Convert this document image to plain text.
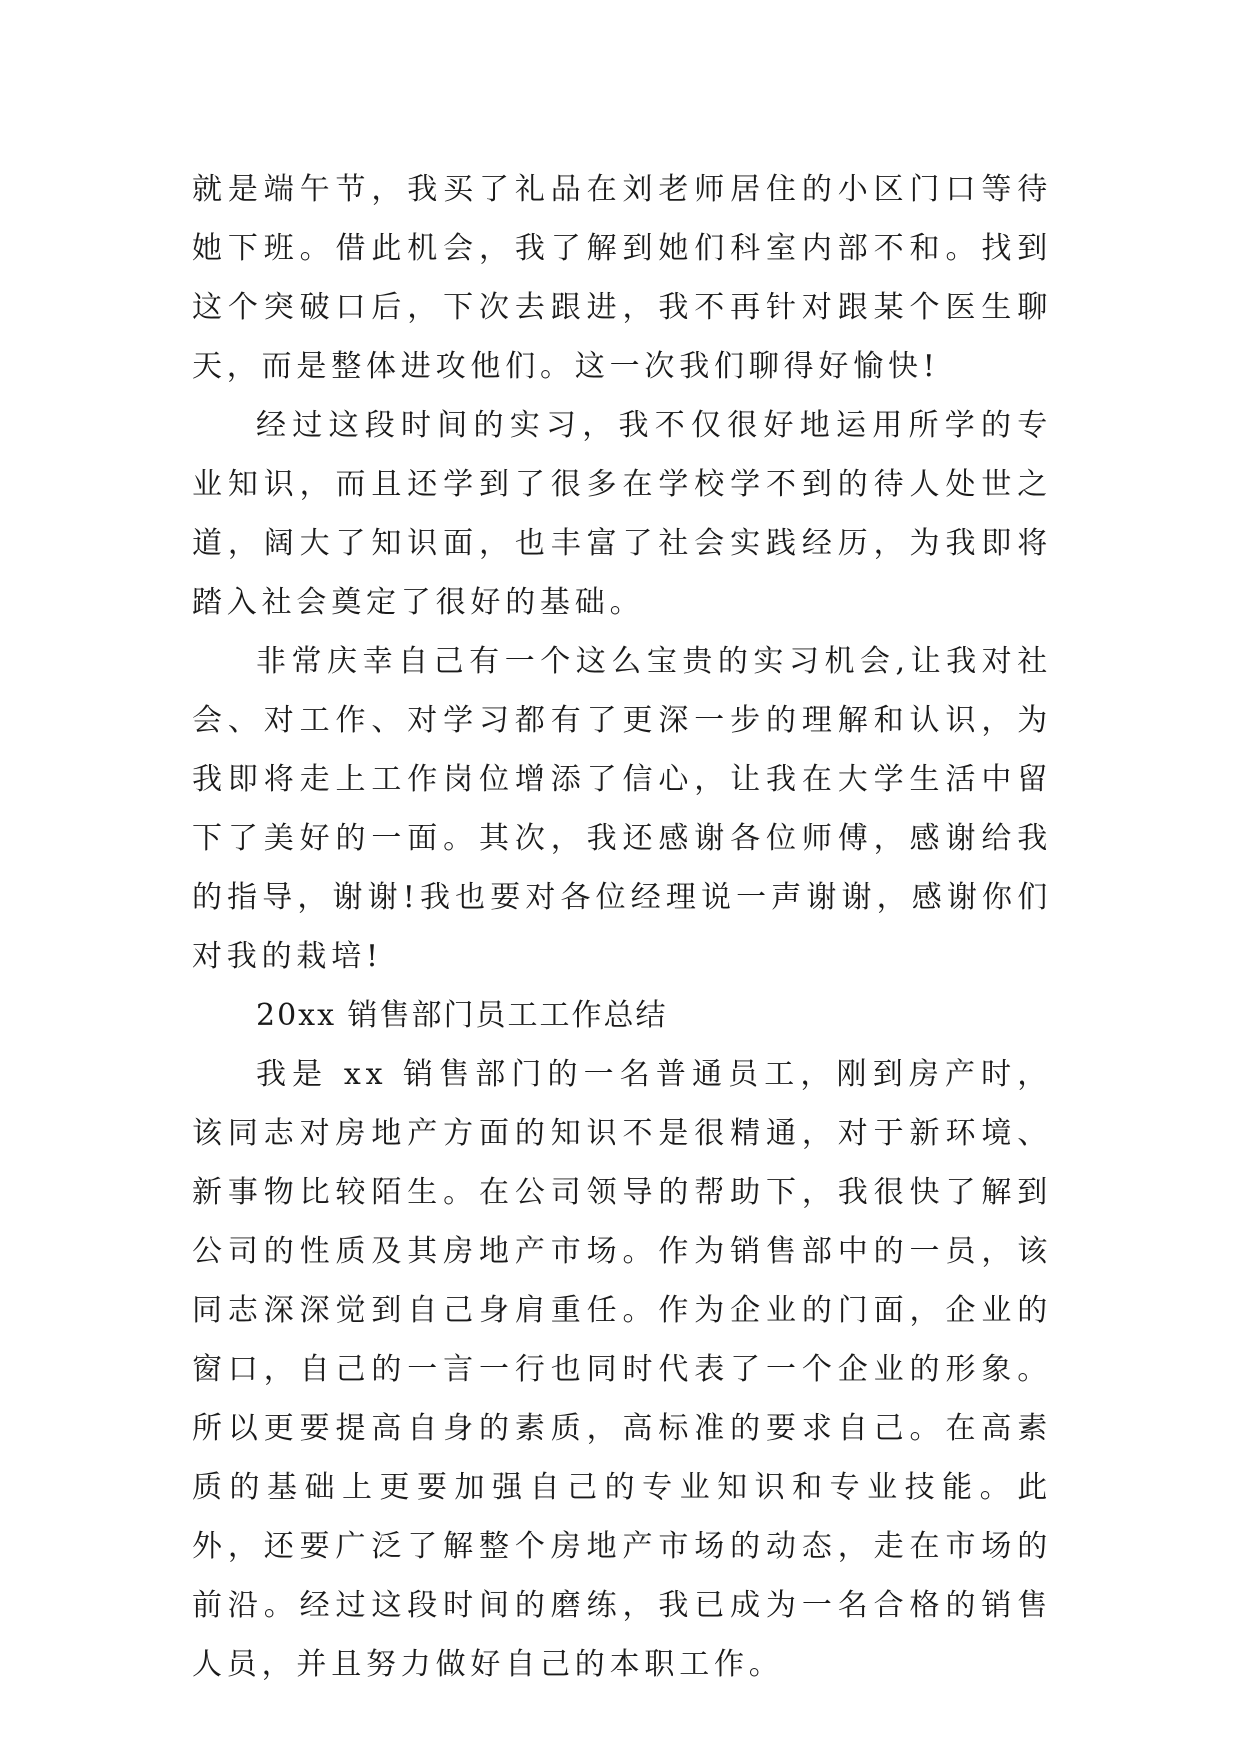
就是端午节，我买了礼品在刘老师居住的小区门口等待她下班。借此机会，我了解到她们科室内部不和。找到这个突破口后，下次去跟进，我不再针对跟某个医生聊天，而是整体进攻他们。这一次我们聊得好愉快!

经过这段时间的实习，我不仅很好地运用所学的专业知识，而且还学到了很多在学校学不到的待人处世之道，阔大了知识面，也丰富了社会实践经历，为我即将踏入社会奠定了很好的基础。

非常庆幸自己有一个这么宝贵的实习机会,让我对社会、对工作、对学习都有了更深一步的理解和认识，为我即将走上工作岗位增添了信心，让我在大学生活中留下了美好的一面。其次，我还感谢各位师傅，感谢给我的指导，谢谢!我也要对各位经理说一声谢谢，感谢你们对我的栽培!

20xx 销售部门员工工作总结

我是 xx 销售部门的一名普通员工，刚到房产时，该同志对房地产方面的知识不是很精通，对于新环境、新事物比较陌生。在公司领导的帮助下，我很快了解到公司的性质及其房地产市场。作为销售部中的一员，该同志深深觉到自己身肩重任。作为企业的门面，企业的窗口，自己的一言一行也同时代表了一个企业的形象。所以更要提高自身的素质，高标准的要求自己。在高素质的基础上更要加强自己的专业知识和专业技能。此外，还要广泛了解整个房地产市场的动态，走在市场的前沿。经过这段时间的磨练，我已成为一名合格的销售人员，并且努力做好自己的本职工作。
